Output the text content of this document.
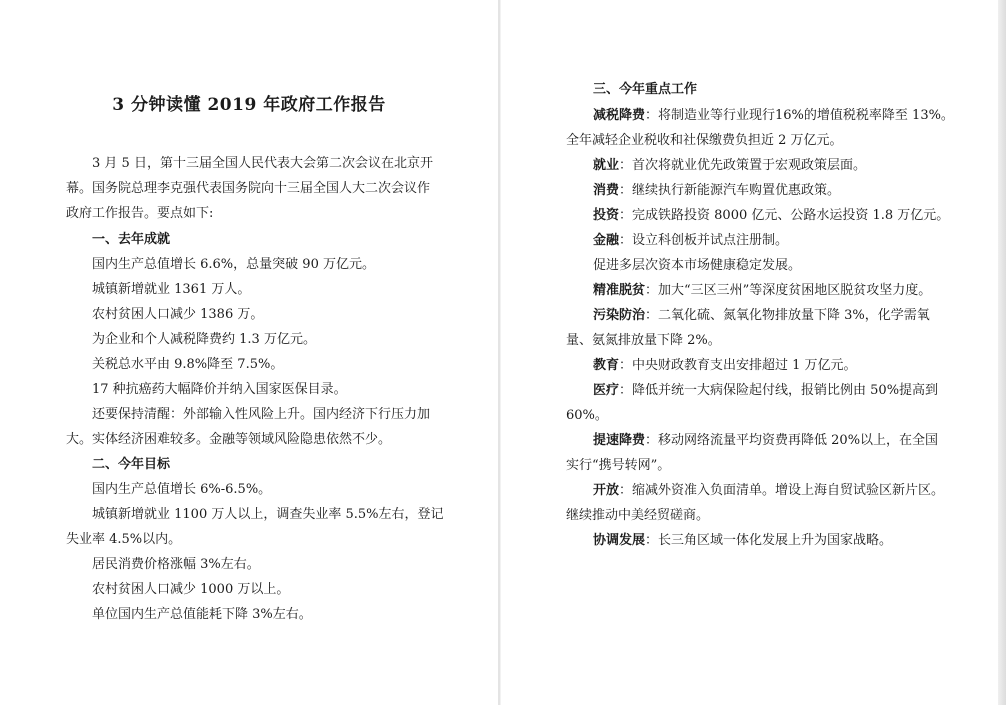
3 分钟读懂 2019 年政府工作报告
3 月 5 日，第十三届全国人民代表大会第二次会议在北京开
幕。国务院总理李克强代表国务院向十三届全国人大二次会议作
政府工作报告。要点如下:
一、去年成就
国内生产总值增长 6.6%，总量突破 90 万亿元。
城镇新增就业 1361 万人。
农村贫困人口减少 1386 万。
为企业和个人减税降费约 1.3 万亿元。
关税总水平由 9.8%降至 7.5%。
17 种抗癌药大幅降价并纳入国家医保目录。
还要保持清醒：外部输入性风险上升。国内经济下行压力加
大。实体经济困难较多。金融等领域风险隐患依然不少。
二、今年目标
国内生产总值增长 6%-6.5%。
城镇新增就业 1100 万人以上，调查失业率 5.5%左右，登记
失业率 4.5%以内。
居民消费价格涨幅 3%左右。
农村贫困人口减少 1000 万以上。
单位国内生产总值能耗下降 3%左右。
三、今年重点工作
减税降费：将制造业等行业现行16%的增值税税率降至 13%。
全年减轻企业税收和社保缴费负担近 2 万亿元。
就业：首次将就业优先政策置于宏观政策层面。
消费：继续执行新能源汽车购置优惠政策。
投资：完成铁路投资 8000 亿元、公路水运投资 1.8 万亿元。
金融：设立科创板并试点注册制。
促进多层次资本市场健康稳定发展。
精准脱贫：加大“三区三州”等深度贫困地区脱贫攻坚力度。
污染防治：二氧化硫、氮氧化物排放量下降 3%，化学需氧
量、氨氮排放量下降 2%。
教育：中央财政教育支出安排超过 1 万亿元。
医疗：降低并统一大病保险起付线，报销比例由 50%提高到
60%。
提速降费：移动网络流量平均资费再降低 20%以上，在全国
实行“携号转网”。
开放：缩减外资准入负面清单。增设上海自贸试验区新片区。
继续推动中美经贸磋商。
协调发展：长三角区域一体化发展上升为国家战略。
